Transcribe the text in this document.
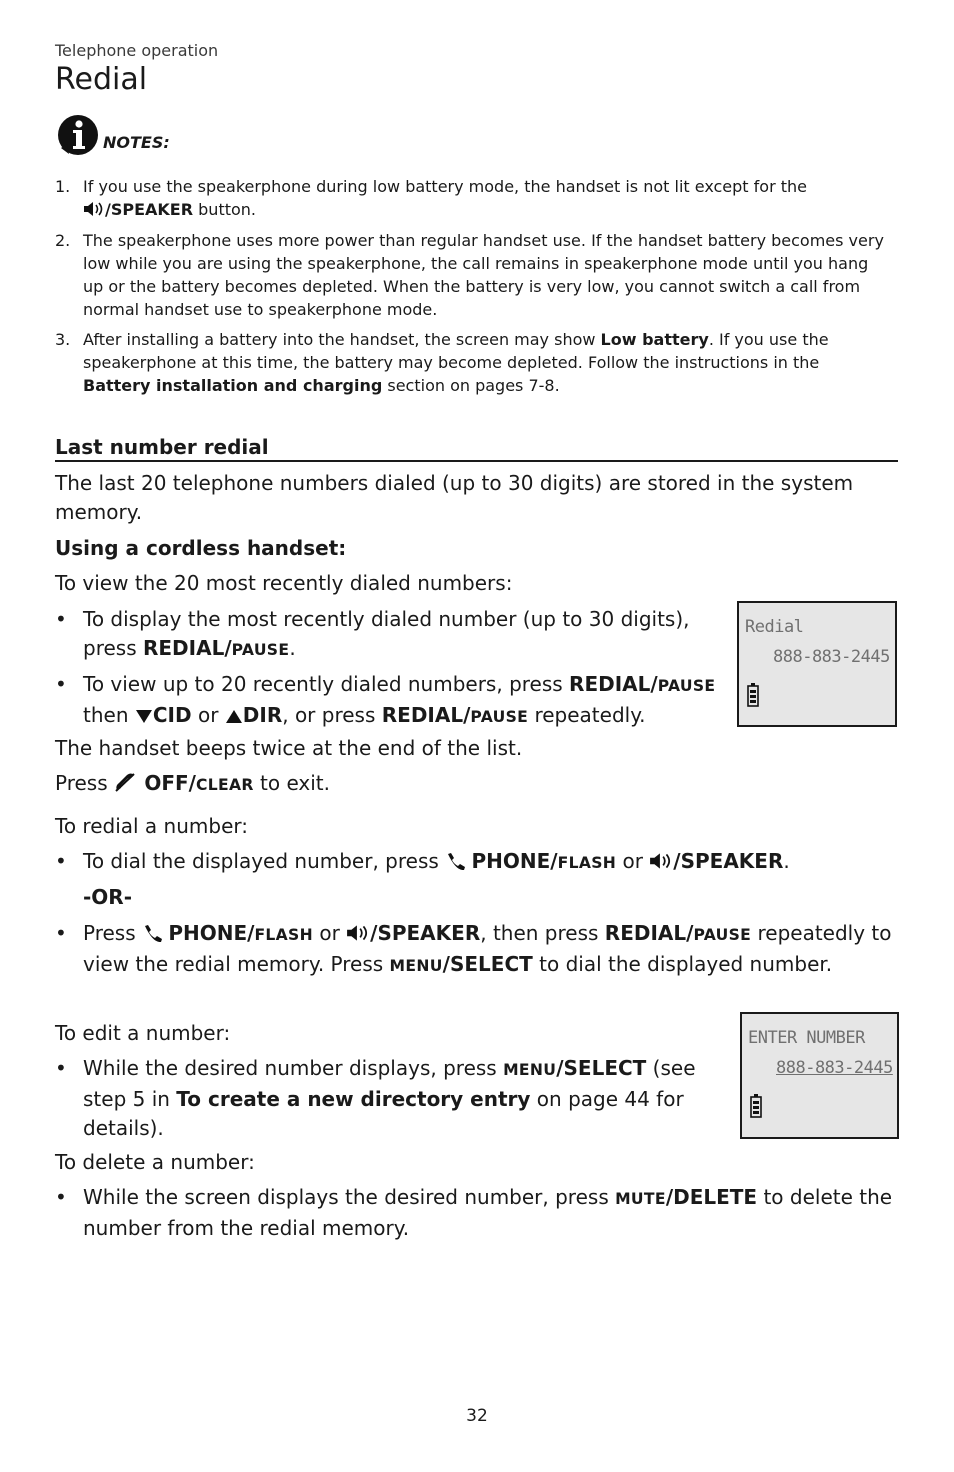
Telephone operation
Redial
NOTES:
1. If you use the speakerphone during low battery mode, the handset is not lit except for the
/SPEAKER button.
2. The speakerphone uses more power than regular handset use. If the handset battery becomes very low while you are using the speakerphone, the call remains in speakerphone mode until you hang up or the battery becomes depleted. When the battery is very low, you cannot switch a call from normal handset use to speakerphone mode.
3. After installing a battery into the handset, the screen may show Low battery. If you use the speakerphone at this time, the battery may become depleted. Follow the instructions in the Battery installation and charging section on pages 7-8.
Last number redial
The last 20 telephone numbers dialed (up to 30 digits) are stored in the system memory.
Using a cordless handset:
To view the 20 most recently dialed numbers:
• To display the most recently dialed number (up to 30 digits), press REDIAL/PAUSE.
• To view up to 20 recently dialed numbers, press REDIAL/PAUSE
then CID or DIR, or press REDIAL/PAUSE repeatedly.
The handset beeps twice at the end of the list.
Press  OFF/CLEAR to exit.
To redial a number:
• To dial the displayed number, press  PHONE/FLASH or /SPEAKER.
-OR-
• Press  PHONE/FLASH or /SPEAKER, then press REDIAL/PAUSE repeatedly to view the redial memory. Press MENU/SELECT to dial the displayed number.
To edit a number:
• While the desired number displays, press MENU/SELECT (see step 5 in To create a new directory entry on page 44 for details).
To delete a number:
• While the screen displays the desired number, press MUTE/DELETE to delete the number from the redial memory.
Redial
888-883-2445
ENTER NUMBER
888-883-2445
32
